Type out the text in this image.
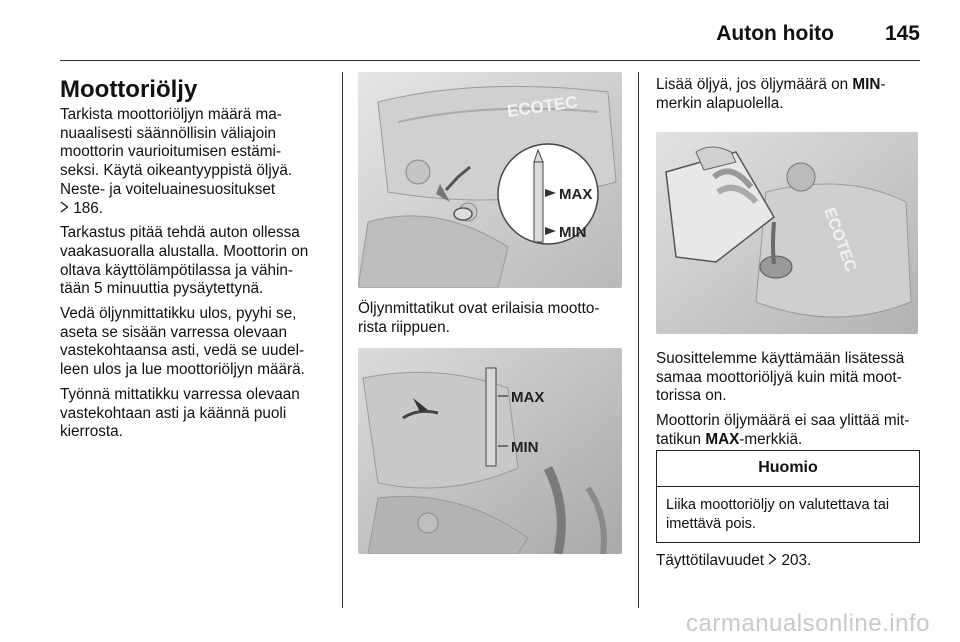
Auton hoito 145
Moottoriöljy

Tarkista moottoriöljyn määrä ma-
nuaalisesti säännöllisin väliajoin
moottorin vaurioitumisen estämi-
seksi. Käytä oikeantyyppistä öljyä.
Neste- ja voiteluainesuositukset
186.

Tarkastus pitää tehdä auton ollessa
vaakasuoralla alustalla. Moottorin on
oltava käyttölämpötilassa ja vähin-
tään 5 minuuttia pysäytettynä.

Vedä öljynmittatikku ulos, pyyhi se,
aseta se sisään varressa olevaan
vastekohtaansa asti, vedä se uudel-
leen ulos ja lue moottoriöljyn määrä.

Työnnä mittatikku varressa olevaan
vastekohtaan asti ja käännä puoli
kierrosta.

ECOTEC
MAX
MIN
Öljynmittatikut ovat erilaisia mootto-
rista riippuen.
MAX
MIN
Lisää öljyä, jos öljymäärä on MIN-
merkin alapuolella.
ECOTEC

Suosittelemme käyttämään lisätessä
samaa moottoriöljyä kuin mitä moot-
torissa on.

Moottorin öljymäärä ei saa ylittää mit-
tatikun MAX-merkkiä.

Huomio
Liika moottoriöljy on valutettava tai
imettävä pois.
Täyttötilavuudet 203.
carmanualsonline.info
